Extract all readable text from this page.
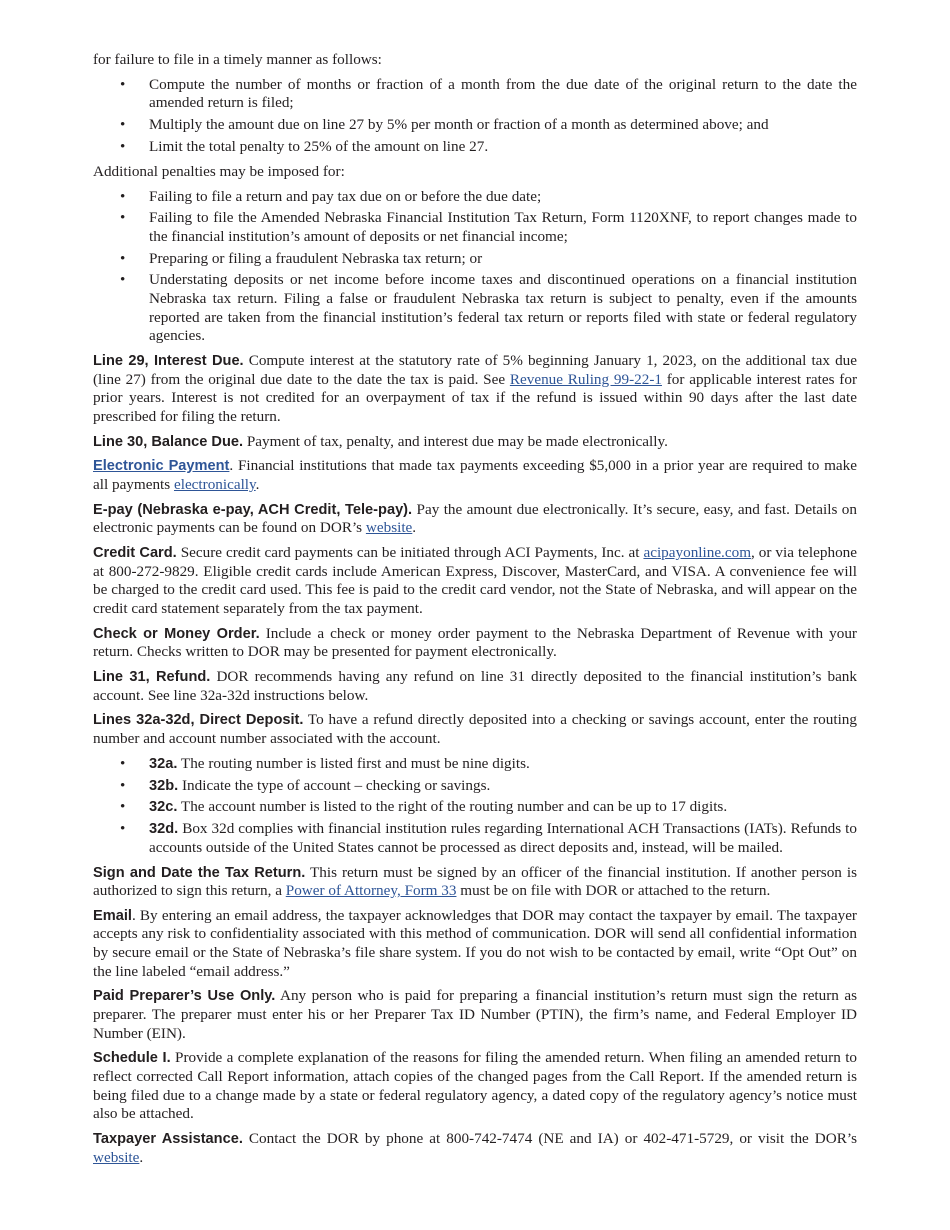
for failure to file in a timely manner as follows:

• Compute the number of months or fraction of a month from the due date of the original return to the date the amended return is filed;
• Multiply the amount due on line 27 by 5% per month or fraction of a month as determined above; and
• Limit the total penalty to 25% of the amount on line 27.

Additional penalties may be imposed for:

• Failing to file a return and pay tax due on or before the due date;
• Failing to file the Amended Nebraska Financial Institution Tax Return, Form 1120XNF, to report changes made to the financial institution’s amount of deposits or net financial income;
• Preparing or filing a fraudulent Nebraska tax return; or
• Understating deposits or net income before income taxes and discontinued operations on a financial institution Nebraska tax return. Filing a false or fraudulent Nebraska tax return is subject to penalty, even if the amounts reported are taken from the financial institution’s federal tax return or reports filed with state or federal regulatory agencies.

Line 29, Interest Due. Compute interest at the statutory rate of 5% beginning January 1, 2023, on the additional tax due (line 27) from the original due date to the date the tax is paid. See Revenue Ruling 99-22-1 for applicable interest rates for prior years. Interest is not credited for an overpayment of tax if the refund is issued within 90 days after the last date prescribed for filing the return.

Line 30, Balance Due. Payment of tax, penalty, and interest due may be made electronically.

Electronic Payment. Financial institutions that made tax payments exceeding $5,000 in a prior year are required to make all payments electronically.

E-pay (Nebraska e-pay, ACH Credit, Tele-pay). Pay the amount due electronically. It’s secure, easy, and fast. Details on electronic payments can be found on DOR’s website.

Credit Card. Secure credit card payments can be initiated through ACI Payments, Inc. at acipayonline.com, or via telephone at 800-272-9829. Eligible credit cards include American Express, Discover, MasterCard, and VISA. A convenience fee will be charged to the credit card used. This fee is paid to the credit card vendor, not the State of Nebraska, and will appear on the credit card statement separately from the tax payment.

Check or Money Order. Include a check or money order payment to the Nebraska Department of Revenue with your return. Checks written to DOR may be presented for payment electronically.

Line 31, Refund. DOR recommends having any refund on line 31 directly deposited to the financial institution’s bank account. See line 32a-32d instructions below.

Lines 32a-32d, Direct Deposit. To have a refund directly deposited into a checking or savings account, enter the routing number and account number associated with the account.

• 32a. The routing number is listed first and must be nine digits.
• 32b. Indicate the type of account – checking or savings.
• 32c. The account number is listed to the right of the routing number and can be up to 17 digits.
• 32d. Box 32d complies with financial institution rules regarding International ACH Transactions (IATs). Refunds to accounts outside of the United States cannot be processed as direct deposits and, instead, will be mailed.

Sign and Date the Tax Return. This return must be signed by an officer of the financial institution. If another person is authorized to sign this return, a Power of Attorney, Form 33 must be on file with DOR or attached to the return.

Email. By entering an email address, the taxpayer acknowledges that DOR may contact the taxpayer by email. The taxpayer accepts any risk to confidentiality associated with this method of communication. DOR will send all confidential information by secure email or the State of Nebraska’s file share system. If you do not wish to be contacted by email, write “Opt Out” on the line labeled “email address.”

Paid Preparer’s Use Only. Any person who is paid for preparing a financial institution’s return must sign the return as preparer. The preparer must enter his or her Preparer Tax ID Number (PTIN), the firm’s name, and Federal Employer ID Number (EIN).

Schedule I. Provide a complete explanation of the reasons for filing the amended return. When filing an amended return to reflect corrected Call Report information, attach copies of the changed pages from the Call Report. If the amended return is being filed due to a change made by a state or federal regulatory agency, a dated copy of the regulatory agency’s notice must also be attached.

Taxpayer Assistance. Contact the DOR by phone at 800-742-7474 (NE and IA) or 402-471-5729, or visit the DOR’s website.
